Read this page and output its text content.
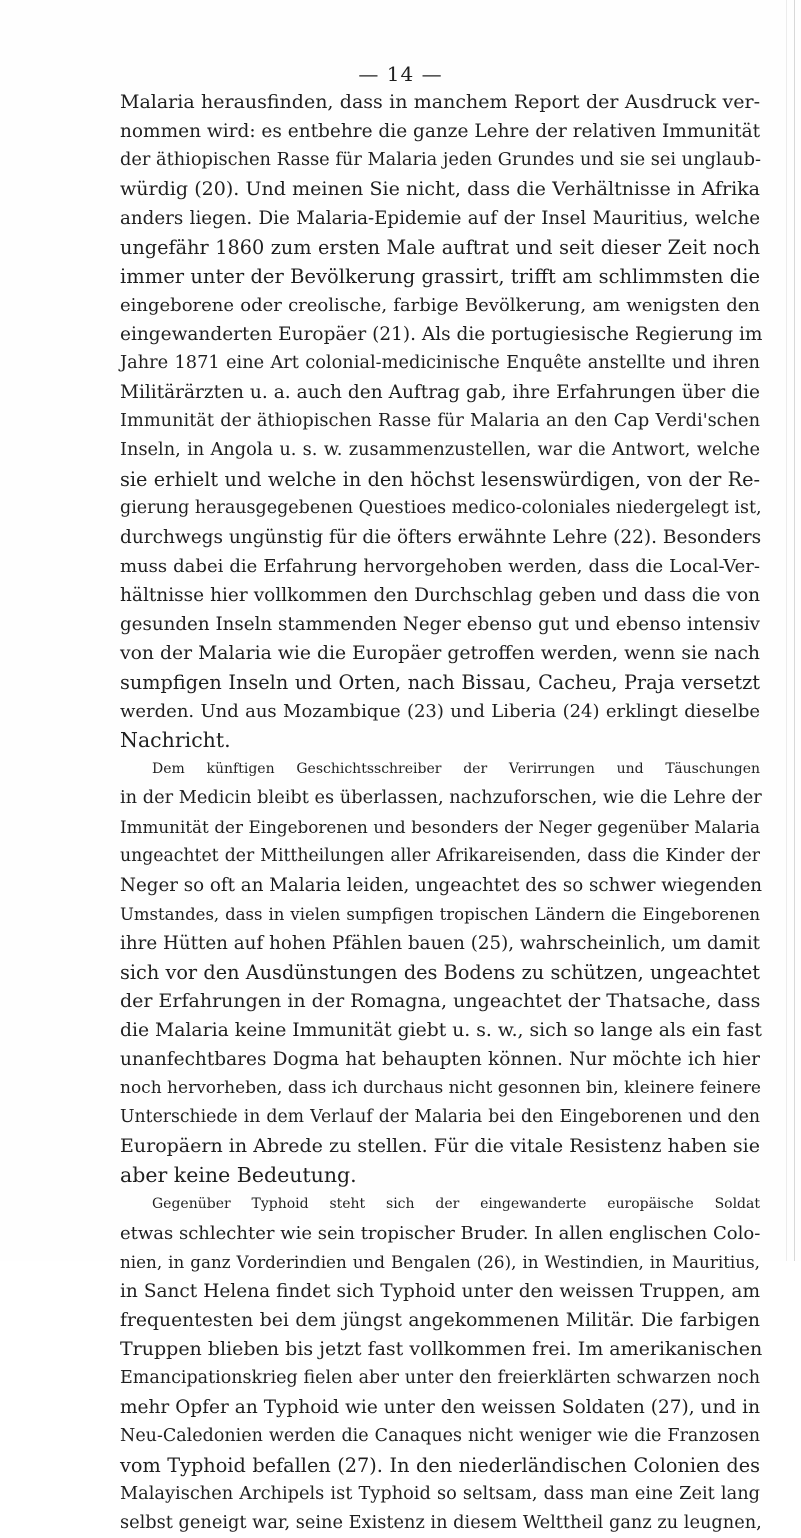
— 14 —
Malaria herausfinden, dass in manchem Report der Ausdruck ver-
nommen wird: es entbehre die ganze Lehre der relativen Immunität
der äthiopischen Rasse für Malaria jeden Grundes und sie sei unglaub-
würdig (20). Und meinen Sie nicht, dass die Verhältnisse in Afrika
anders liegen. Die Malaria-Epidemie auf der Insel Mauritius, welche
ungefähr 1860 zum ersten Male auftrat und seit dieser Zeit noch
immer unter der Bevölkerung grassirt, trifft am schlimmsten die
eingeborene oder creolische, farbige Bevölkerung, am wenigsten den
eingewanderten Europäer (21). Als die portugiesische Regierung im
Jahre 1871 eine Art colonial-medicinische Enquête anstellte und ihren
Militärärzten u. a. auch den Auftrag gab, ihre Erfahrungen über die
Immunität der äthiopischen Rasse für Malaria an den Cap Verdi'schen
Inseln, in Angola u. s. w. zusammenzustellen, war die Antwort, welche
sie erhielt und welche in den höchst lesenswürdigen, von der Re-
gierung herausgegebenen Questioes medico-coloniales niedergelegt ist,
durchwegs ungünstig für die öfters erwähnte Lehre (22). Besonders
muss dabei die Erfahrung hervorgehoben werden, dass die Local-Ver-
hältnisse hier vollkommen den Durchschlag geben und dass die von
gesunden Inseln stammenden Neger ebenso gut und ebenso intensiv
von der Malaria wie die Europäer getroffen werden, wenn sie nach
sumpfigen Inseln und Orten, nach Bissau, Cacheu, Praja versetzt
werden. Und aus Mozambique (23) und Liberia (24) erklingt dieselbe
Nachricht.
Dem künftigen Geschichtsschreiber der Verirrungen und Täuschungen
in der Medicin bleibt es überlassen, nachzuforschen, wie die Lehre der
Immunität der Eingeborenen und besonders der Neger gegenüber Malaria
ungeachtet der Mittheilungen aller Afrikareisenden, dass die Kinder der
Neger so oft an Malaria leiden, ungeachtet des so schwer wiegenden
Umstandes, dass in vielen sumpfigen tropischen Ländern die Eingeborenen
ihre Hütten auf hohen Pfählen bauen (25), wahrscheinlich, um damit
sich vor den Ausdünstungen des Bodens zu schützen, ungeachtet
der Erfahrungen in der Romagna, ungeachtet der Thatsache, dass
die Malaria keine Immunität giebt u. s. w., sich so lange als ein fast
unanfechtbares Dogma hat behaupten können. Nur möchte ich hier
noch hervorheben, dass ich durchaus nicht gesonnen bin, kleinere feinere
Unterschiede in dem Verlauf der Malaria bei den Eingeborenen und den
Europäern in Abrede zu stellen. Für die vitale Resistenz haben sie
aber keine Bedeutung.
Gegenüber Typhoid steht sich der eingewanderte europäische Soldat
etwas schlechter wie sein tropischer Bruder. In allen englischen Colo-
nien, in ganz Vorderindien und Bengalen (26), in Westindien, in Mauritius,
in Sanct Helena findet sich Typhoid unter den weissen Truppen, am
frequentesten bei dem jüngst angekommenen Militär. Die farbigen
Truppen blieben bis jetzt fast vollkommen frei. Im amerikanischen
Emancipationskrieg fielen aber unter den freierklärten schwarzen noch
mehr Opfer an Typhoid wie unter den weissen Soldaten (27), und in
Neu-Caledonien werden die Canaques nicht weniger wie die Franzosen
vom Typhoid befallen (27). In den niederländischen Colonien des
Malayischen Archipels ist Typhoid so seltsam, dass man eine Zeit lang
selbst geneigt war, seine Existenz in diesem Welttheil ganz zu leugnen,
